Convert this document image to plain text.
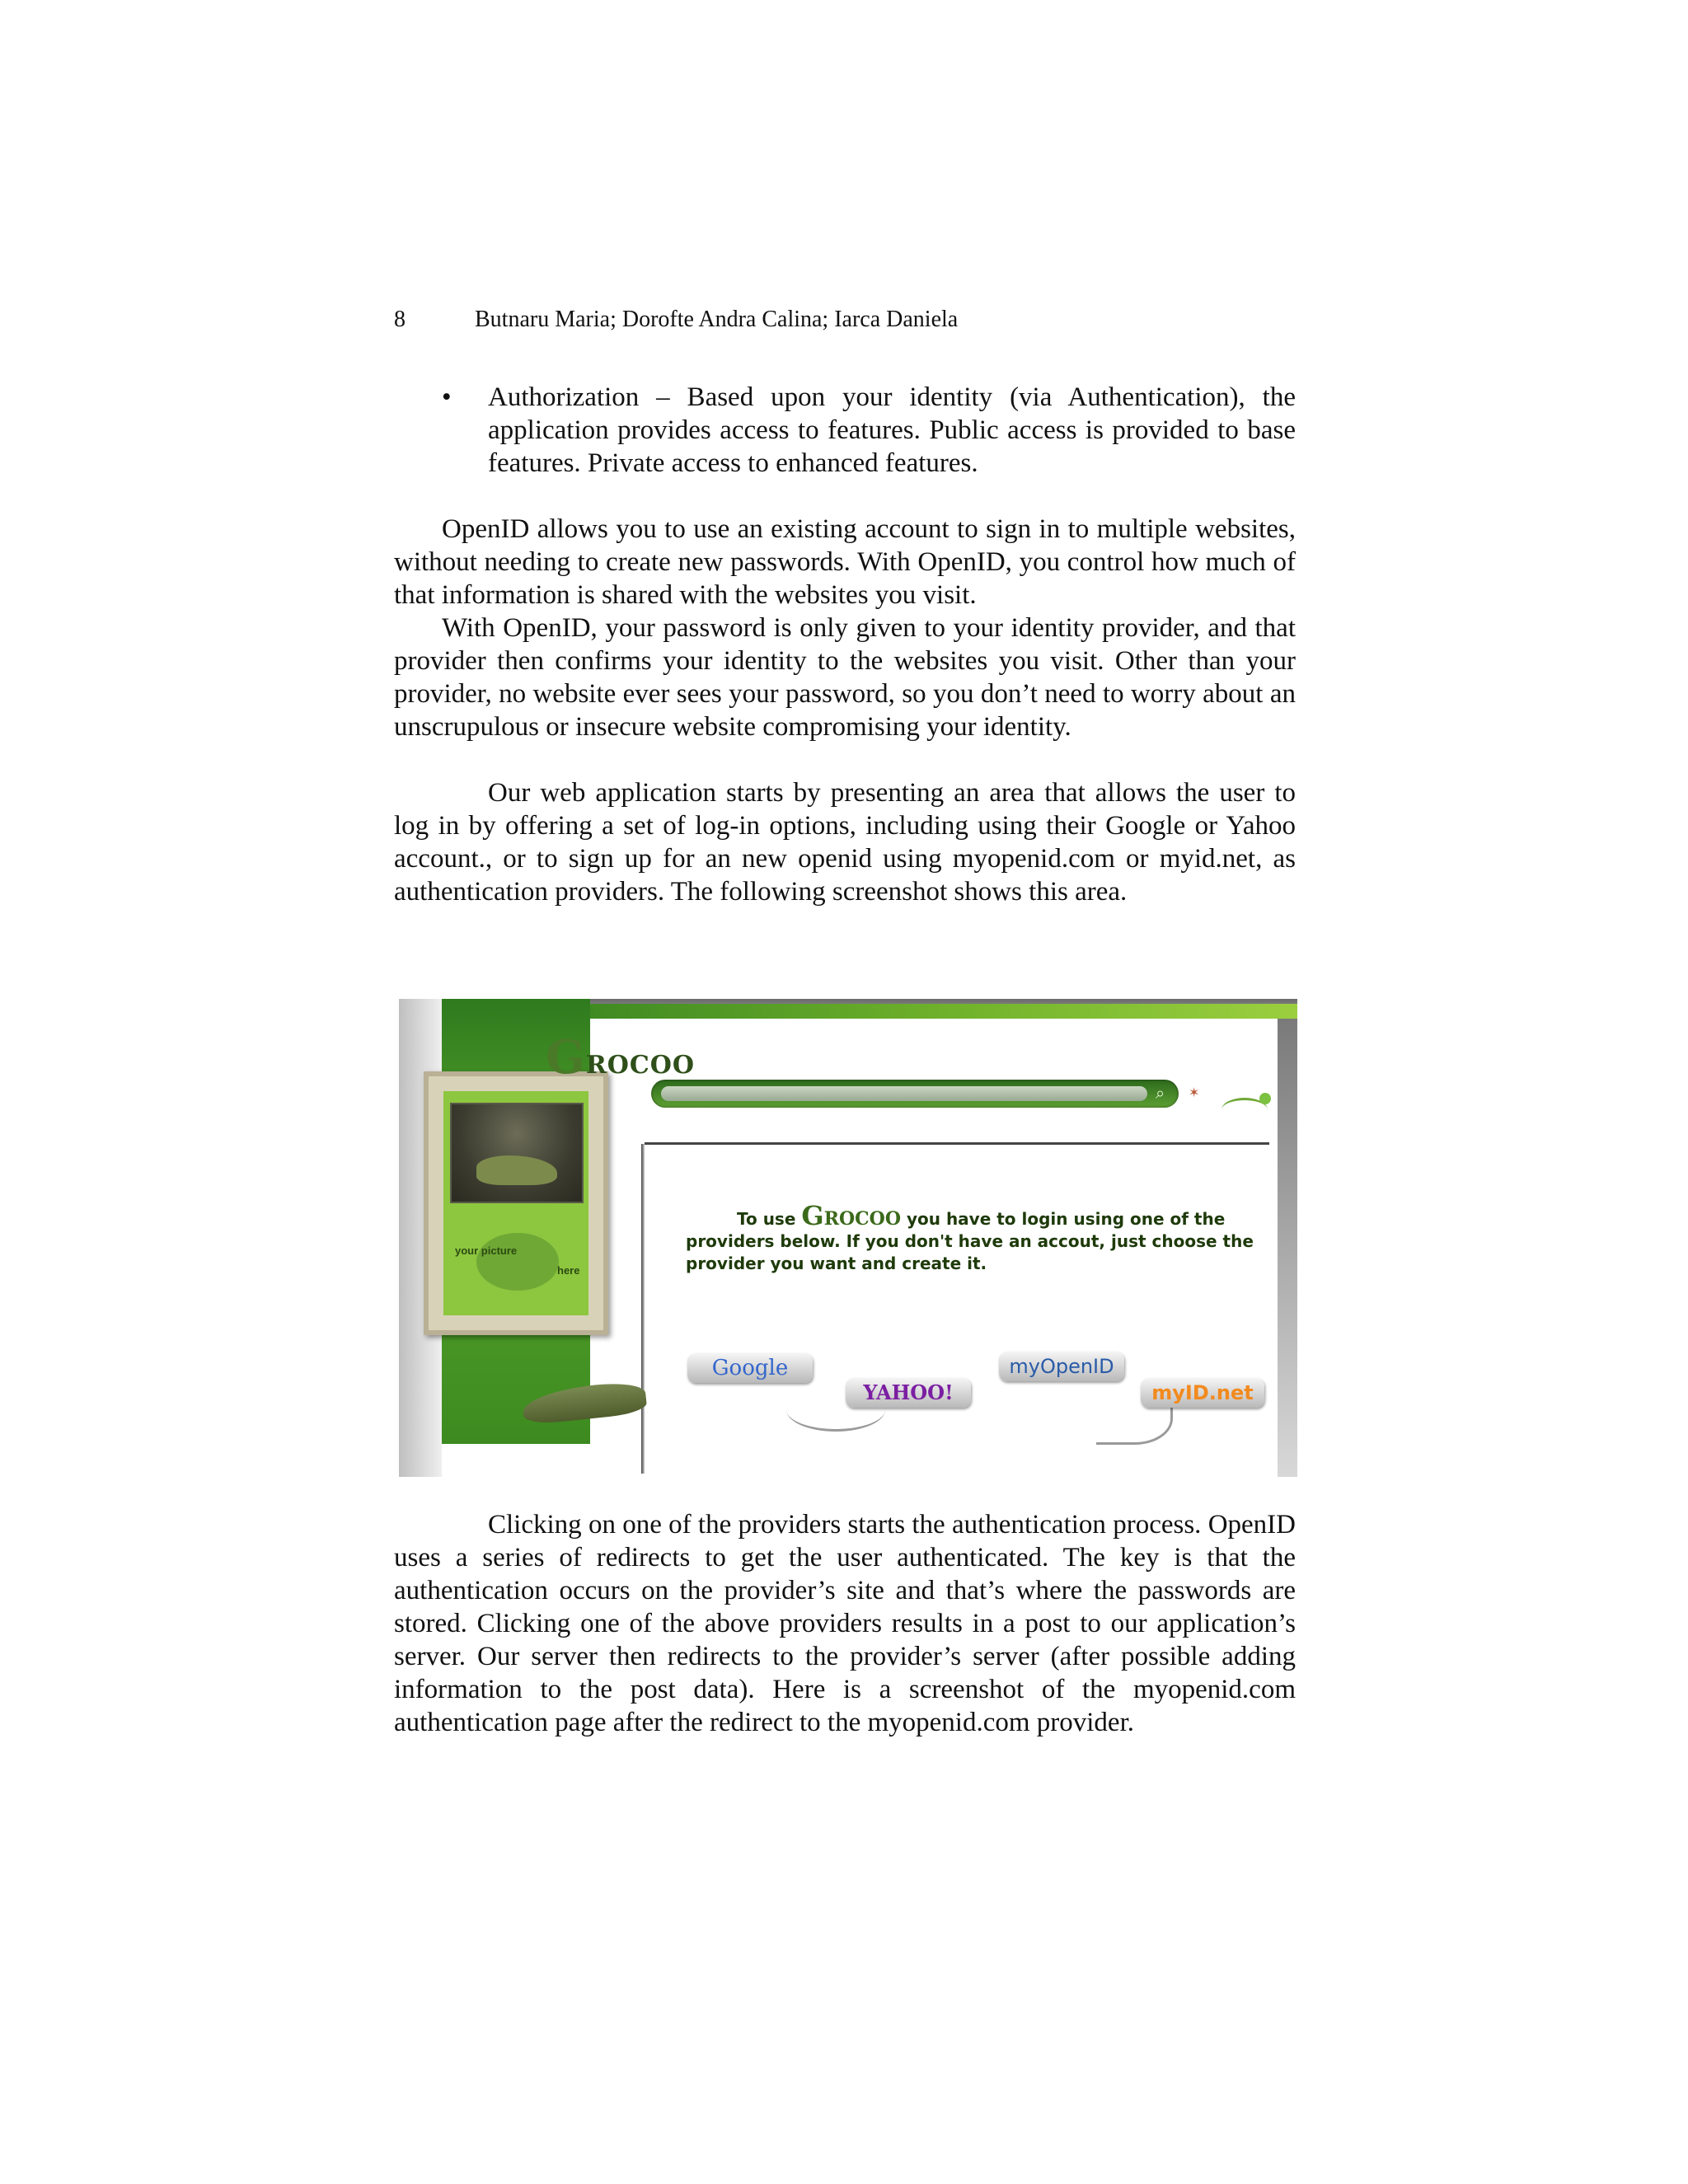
8	Butnaru Maria; Dorofte Andra Calina; Iarca Daniela
• Authorization – Based upon your identity (via Authentication), the application provides access to features. Public access is provided to base features. Private access to enhanced features.

OpenID allows you to use an existing account to sign in to multiple websites, without needing to create new passwords. With OpenID, you control how much of that information is shared with the websites you visit.

With OpenID, your password is only given to your identity provider, and that provider then confirms your identity to the websites you visit. Other than your provider, no website ever sees your password, so you don’t need to worry about an unscrupulous or insecure website compromising your identity.

Our web application starts by presenting an area that allows the user to log in by offering a set of log-in options, including using their Google or Yahoo account., or to sign up for an new openid using myopenid.com or myid.net, as authentication providers. The following screenshot shows this area.

your picture
here
GROCOO
⌕ ✶
To use GROCOO you have to login using one of the
providers below. If you don't have an accout, just choose the
provider you want and create it.
Google
YAHOO!
myOpenID
myID.net

Clicking on one of the providers starts the authentication process. OpenID uses a series of redirects to get the user authenticated. The key is that the authentication occurs on the provider’s site and that’s where the passwords are stored. Clicking one of the above providers results in a post to our application’s server. Our server then redirects to the provider’s server (after possible adding information to the post data). Here is a screenshot of the myopenid.com authentication page after the redirect to the myopenid.com provider.
